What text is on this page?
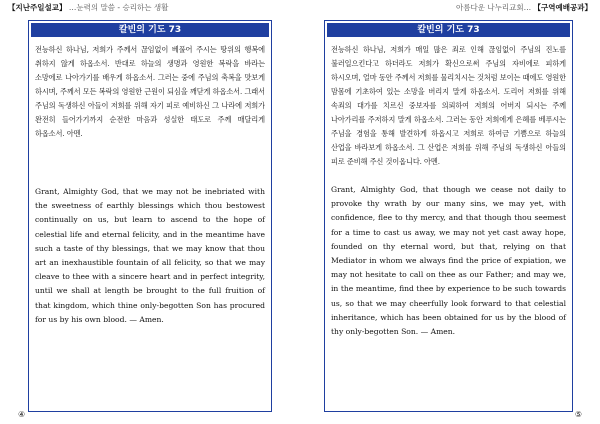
【지난주일설교】 …눈력의 말씀 - 승리하는 생활	아름다운 나누리교회… 【구역예배공과】
칼빈의 기도 73
전능하신 하나님, 저희가 주께서 끊임없이 베풀어 주시는 땅위의 행복에 취하지 않게 하옵소서. 반대로 하늘의 생명과 영원한 복락을 바라는 소망에로 나아가기를 배우게 하옵소서. 그러는 중에 주님의 축복을 맛보게 하시며, 주께서 모든 복락의 영원한 근원이 되심을 깨닫게 하옵소서. 그래서 주님의 독생하신 아들이 저희를 위해 자기 피로 예비하신 그 나라에 저희가 완전히 들어가기까지 순전한 마음과 성실한 태도로 주께 매달리게 하옵소서. 아멘.
Grant, Almighty God, that we may not be inebriated with the sweetness of earthly blessings which thou bestowest continually on us, but learn to ascend to the hope of celestial life and eternal felicity, and in the meantime have such a taste of thy blessings, that we may know that thou art an inexhaustible fountain of all felicity, so that we may cleave to thee with a sincere heart and in perfect integrity, until we shall at length be brought to the full fruition of that kingdom, which thine only-begotten Son has procured for us by his own blood. — Amen.
칼빈의 기도 73
전능하신 하나님, 저희가 매일 많은 죄로 인해 끊임없이 주님의 진노를 불러일으킨다고 하더라도 저희가 확신으로써 주님의 자비에로 피하게 하시오며, 얼마 동안 주께서 저희를 물리치시는 것처럼 보이는 때에도 영원한 맘몸에 기초하여 있는 소망을 버리지 말게 하옵소서. 도리어 저희를 위해 속죄의 대가를 치르신 중보자를 의뢰하여 저희의 어버지 되시는 주께 나아가리를 주저하지 말게 하옵소서. 그러는 동안 저희에게 은혜를 베푸시는 주님을 경험을 통해 발견하게 하옵시고 저희로 하여금 기쁨으로 하늘의 산업을 바라보게 하옵소서. 그 산업은 저희를 위해 주님의 독생하신 아들의 피로 준비해 주신 것이옵니다. 아멘.
Grant, Almighty God, that though we cease not daily to provoke thy wrath by our many sins, we may yet, with confidence, flee to thy mercy, and that though thou seemest for a time to cast us away, we may not yet cast away hope, founded on thy eternal word, but that, relying on that Mediator in whom we always find the price of expiation, we may not hesitate to call on thee as our Father; and may we, in the meantime, find thee by experience to be such towards us, so that we may cheerfully look forward to that celestial inheritance, which has been obtained for us by the blood of thy only-begotten Son. — Amen.
④	⑤
